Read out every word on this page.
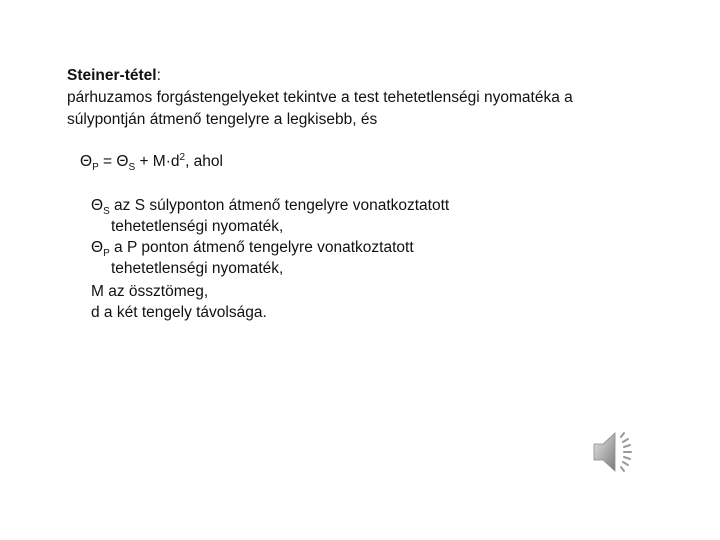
Steiner-tétel:
párhuzamos forgástengelyeket tekintve a test tehetetlenségi nyomatéka a
súlypontján átmenő tengelyre a legkisebb, és
$\Theta_P = \Theta_S + M\cdot d^2$, ahol
$\Theta_S$ az S súlyponton átmenő tengelyre vonatkoztatott
tehetetlenségi nyomaték,
$\Theta_P$ a P ponton átmenő tengelyre vonatkoztatott
tehetetlenségi nyomaték,
M az össztömeg,
d a két tengely távolsága.
